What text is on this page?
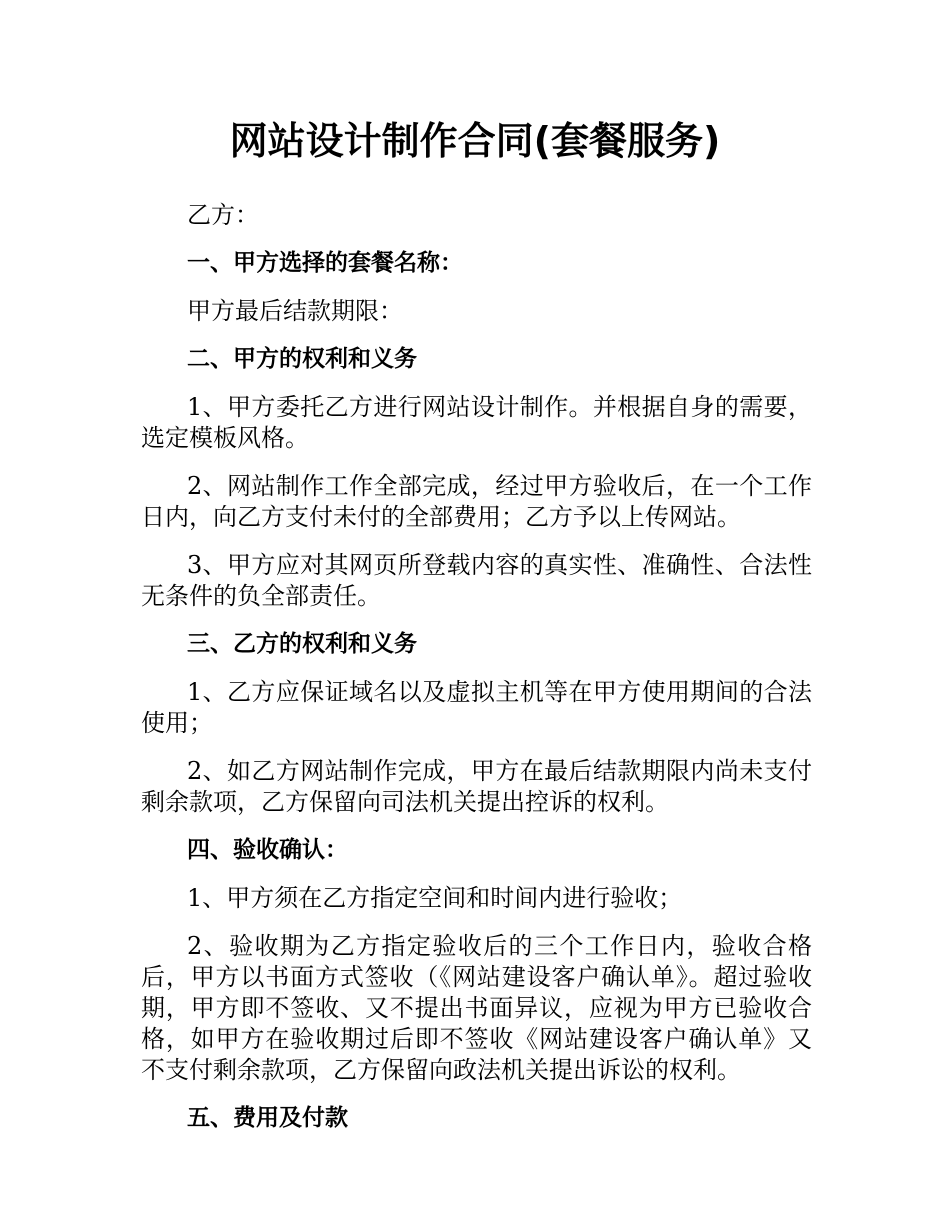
网站设计制作合同(套餐服务)

乙方：

一、甲方选择的套餐名称：

甲方最后结款期限：

二、甲方的权利和义务

1、甲方委托乙方进行网站设计制作。并根据自身的需要，选定模板风格。

2、网站制作工作全部完成，经过甲方验收后，在一个工作日内，向乙方支付未付的全部费用；乙方予以上传网站。

3、甲方应对其网页所登载内容的真实性、准确性、合法性无条件的负全部责任。

三、乙方的权利和义务

1、乙方应保证域名以及虚拟主机等在甲方使用期间的合法使用；

2、如乙方网站制作完成，甲方在最后结款期限内尚未支付剩余款项，乙方保留向司法机关提出控诉的权利。

四、验收确认：

1、甲方须在乙方指定空间和时间内进行验收；

2、验收期为乙方指定验收后的三个工作日内，验收合格后，甲方以书面方式签收（《网站建设客户确认单》。超过验收期，甲方即不签收、又不提出书面异议，应视为甲方已验收合格，如甲方在验收期过后即不签收《网站建设客户确认单》又不支付剩余款项，乙方保留向政法机关提出诉讼的权利。

五、费用及付款
